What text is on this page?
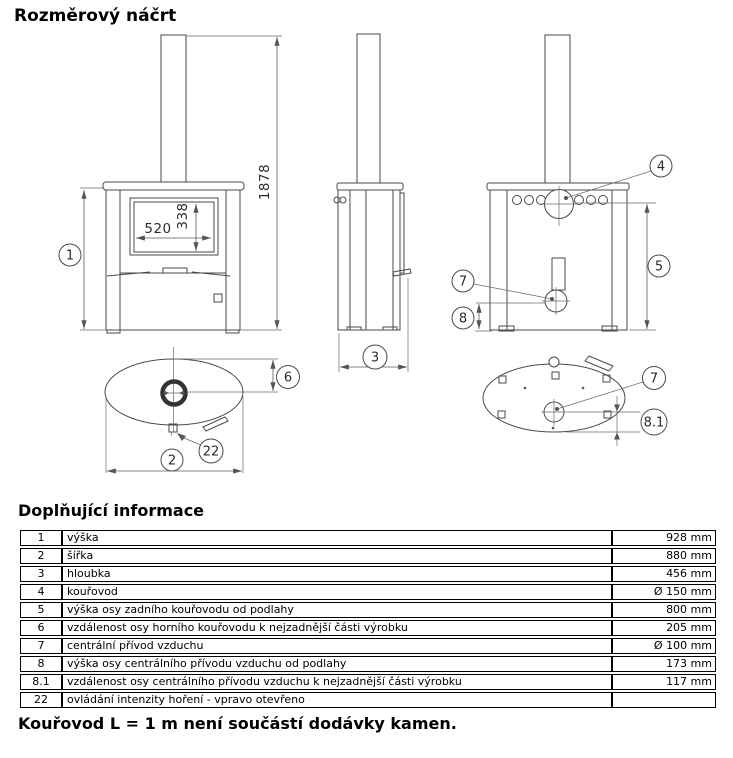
520 338
1
1878
3
4
5
7
8
6
2
22
7
8.1
Rozměrový náčrt
Doplňující informace
1	výška	928 mm
2	šířka	880 mm
3	hloubka	456 mm
4	kouřovod	Ø 150 mm
5	výška osy zadního kouřovodu od podlahy	800 mm
6	vzdálenost osy horního kouřovodu k nejzadnější části výrobku	205 mm
7	centrální přívod vzduchu	Ø 100 mm
8	výška osy centrálního přívodu vzduchu od podlahy	173 mm
8.1	vzdálenost osy centrálního přívodu vzduchu k nejzadnější části výrobku	117 mm
22	ovládání intenzity hoření - vpravo otevřeno	

Kouřovod L = 1 m není součástí dodávky kamen.
